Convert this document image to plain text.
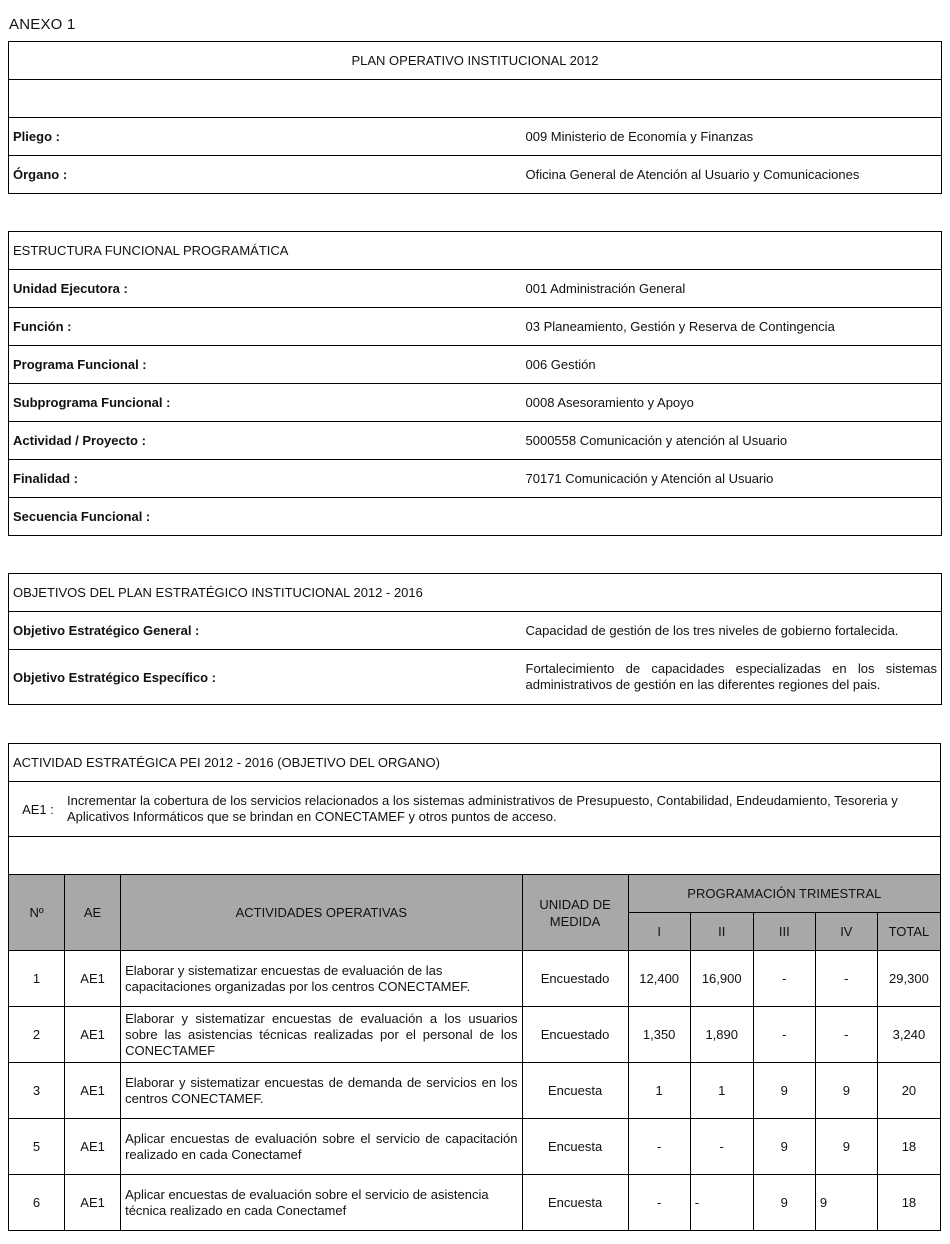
ANEXO 1
PLAN OPERATIVO INSTITUCIONAL 2012	

Pliego :	009 Ministerio de Economía y Finanzas
Órgano :	Oficina General de Atención al Usuario y Comunicaciones
ESTRUCTURA FUNCIONAL PROGRAMÁTICA	
Unidad Ejecutora :	001 Administración General
Función :	03 Planeamiento, Gestión y Reserva de Contingencia
Programa Funcional :	006 Gestión
Subprograma Funcional :	0008 Asesoramiento y Apoyo
Actividad / Proyecto :	5000558 Comunicación y atención al Usuario
Finalidad :	70171 Comunicación y Atención al Usuario
Secuencia Funcional :	
OBJETIVOS DEL PLAN ESTRATÉGICO INSTITUCIONAL 2012 - 2016	
Objetivo Estratégico General :	Capacidad de gestión de los tres niveles de gobierno fortalecida.
Objetivo Estratégico Específico :	Fortalecimiento de capacidades especializadas en los sistemas administrativos de gestión en las diferentes regiones del pais.
ACTIVIDAD ESTRATÉGICA PEI 2012 - 2016 (OBJETIVO DEL ORGANO)								

AE1 :
Incrementar la cobertura de los servicios relacionados a los sistemas administrativos de Presupuesto, Contabilidad, Endeudamiento, Tesoreria y Aplicativos Informáticos que se brindan en CONECTAMEF y otros puntos de acceso.								

Nº	AE	ACTIVIDADES OPERATIVAS	UNIDAD DE MEDIDA	PROGRAMACIÓN TRIMESTRAL				
				I	II	III	IV	TOTAL
1	AE1	Elaborar y sistematizar encuestas de evaluación de las capacitaciones organizadas por los centros CONECTAMEF.	Encuestado	12,400	16,900	-	-	29,300
2	AE1	Elaborar y sistematizar encuestas de evaluación a los usuarios sobre las asistencias técnicas realizadas por el personal de los CONECTAMEF	Encuestado	1,350	1,890	-	-	3,240
3	AE1	Elaborar y sistematizar encuestas de demanda de servicios en los centros CONECTAMEF.	Encuesta	1	1	9	9	20
5	AE1	Aplicar encuestas de evaluación sobre el servicio de capacitación realizado en cada Conectamef	Encuesta	-	-	9	9	18
6	AE1	Aplicar encuestas de evaluación sobre el servicio de asistencia técnica realizado en cada Conectamef	Encuesta	-	-	9	9	18
